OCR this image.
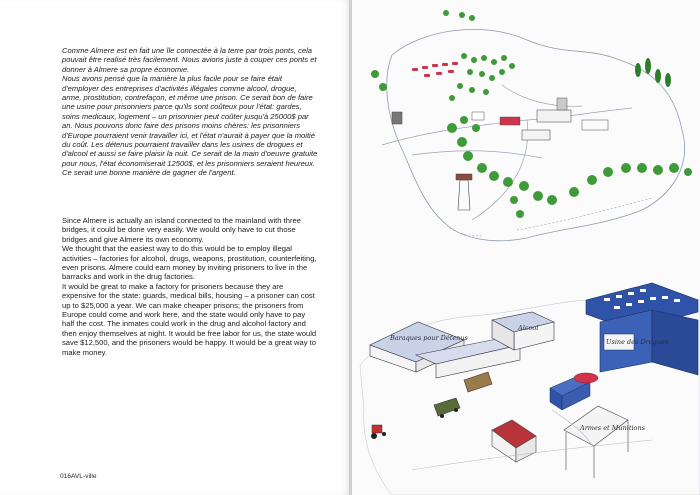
Comme Almere est en fait une île connectée à la terre par trois ponts, cela pouvait être realisé très facilement. Nous avions juste à couper ces ponts et donner à Almere sa propre économie.

Nous avons pensé que la manière la plus facile pour se faire était d'employer des entreprises d'activités illégales comme alcool, drogue, arme, prostitution, contrefaçon, et même une prison. Ce serait bon de faire une usine pour prisonniers parce qu'ils sont coûteux pour l'état: gardes, soins medicaux, logement – un prisonnier peut coûter jusqu'à 25000$ par an. Nous pouvons donc faire des prisons moins chères: les prisonniers d'Europe pourraient venir travailler ici, et l'état n'aurait à payer que la moitié du coût. Les détenus pourraient travailler dans les usines de drogues et d'alcool et aussi se faire plaisir la nuit. Ce serait de la main d'oeuvre gratuite pour nous, l'état économiserait 12500$, et les prisonniers seraient heureux. Ce serait une bonne manière de gagner de l'argent.

Since Almere is actually an island connected to the mainland with three bridges, it could be done very easily. We would only have to cut those bridges and give Almere its own economy.

We thought that the easiest way to do this would be to employ illegal activities – factories for alcohol, drugs, weapons, prostitution, counterfeiting, even prisons. Almere could earn money by inviting prisoners to live in the barracks and work in the drug factories.

It would be great to make a factory for prisoners because they are expensive for the state: guards, medical bills, housing – a prisoner can cost up to $25,000 a year. We can make cheaper prisons; the prisoners from Europe could come and work here, and the state would only have to pay half the cost. The inmates could work in the drug and alcohol factory and then enjoy themselves at night. It would be free labor for us, the state would save $12,500, and the prisoners would be happy. It would be a great way to make money.

016AVL-ville
Baraques pour Détenus
Alcool
Usine des Drogues
Armes et Munitions
